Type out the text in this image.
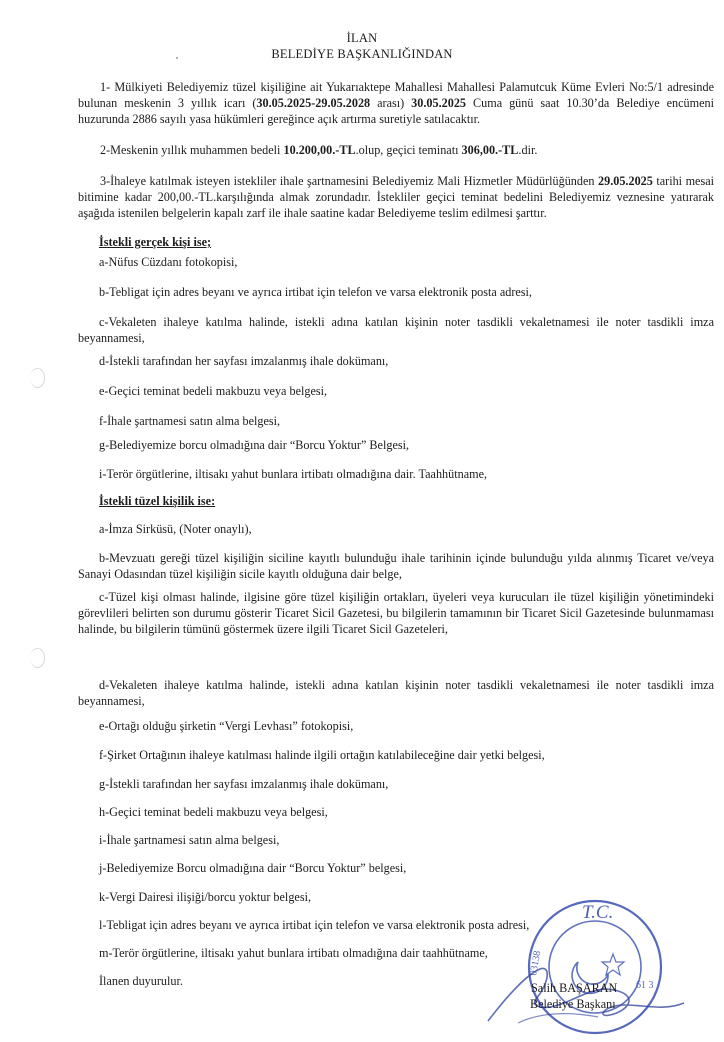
İLAN
BELEDİYE BAŞKANLIĞINDAN
1- Mülkiyeti Belediyemiz tüzel kişiliğine ait Yukarıaktepe Mahallesi Mahallesi Palamutcuk Küme Evleri No:5/1 adresinde bulunan meskenin 3 yıllık icarı (30.05.2025-29.05.2028 arası) 30.05.2025 Cuma günü saat 10.30’da Belediye encümeni huzurunda 2886 sayılı yasa hükümleri gereğince açık artırma suretiyle satılacaktır.
2-Meskenin yıllık muhammen bedeli 10.200,00.-TL.olup, geçici teminatı 306,00.-TL.dir.
3-İhaleye katılmak isteyen istekliler ihale şartnamesini Belediyemiz Mali Hizmetler Müdürlüğünden 29.05.2025 tarihi mesai bitimine kadar 200,00.-TL.karşılığında almak zorundadır. İstekliler geçici teminat bedelini Belediyemiz veznesine yatırarak aşağıda istenilen belgelerin kapalı zarf ile ihale saatine kadar Belediyeme teslim edilmesi şarttır.
İstekli gerçek kişi ise;
a-Nüfus Cüzdanı fotokopisi,
b-Tebligat için adres beyanı ve ayrıca irtibat için telefon ve varsa elektronik posta adresi,
c-Vekaleten ihaleye katılma halinde, istekli adına katılan kişinin noter tasdikli vekaletnamesi ile noter tasdikli imza beyannamesi,
d-İstekli tarafından her sayfası imzalanmış ihale dokümanı,
e-Geçici teminat bedeli makbuzu veya belgesi,
f-İhale şartnamesi satın alma belgesi,
g-Belediyemize borcu olmadığına dair “Borcu Yoktur” Belgesi,
i-Terör örgütlerine, iltisakı yahut bunlara irtibatı olmadığına dair. Taahhütname,
İstekli tüzel kişilik ise:
a-İmza Sirküsü, (Noter onaylı),
b-Mevzuatı gereği tüzel kişiliğin siciline kayıtlı bulunduğu ihale tarihinin içinde bulunduğu yılda alınmış Ticaret ve/veya Sanayi Odasından tüzel kişiliğin sicile kayıtlı olduğuna dair belge,
c-Tüzel kişi olması halinde, ilgisine göre tüzel kişiliğin ortakları, üyeleri veya kurucuları ile tüzel kişiliğin yönetimindeki görevlileri belirten son durumu gösterir Ticaret Sicil Gazetesi, bu bilgilerin tamamının bir Ticaret Sicil Gazetesinde bulunmaması halinde, bu bilgilerin tümünü göstermek üzere ilgili Ticaret Sicil Gazeteleri,
d-Vekaleten ihaleye katılma halinde, istekli adına katılan kişinin noter tasdikli vekaletnamesi ile noter tasdikli imza beyannamesi,
e-Ortağı olduğu şirketin “Vergi Levhası” fotokopisi,
f-Şirket Ortağının ihaleye katılması halinde ilgili ortağın katılabileceğine dair yetki belgesi,
g-İstekli tarafından her sayfası imzalanmış ihale dokümanı,
h-Geçici teminat bedeli makbuzu veya belgesi,
i-İhale şartnamesi satın alma belgesi,
j-Belediyemize Borcu olmadığına dair “Borcu Yoktur” belgesi,
k-Vergi Dairesi ilişiği/borcu yoktur belgesi,
l-Tebligat için adres beyanı ve ayrıca irtibat için telefon ve varsa elektronik posta adresi,
m-Terör örgütlerine, iltisakı yahut bunlara irtibatı olmadığına dair taahhütname,
İlanen duyurulur.
T.C.
03138
61 3
Salih BAŞARAN
Belediye Başkanı
